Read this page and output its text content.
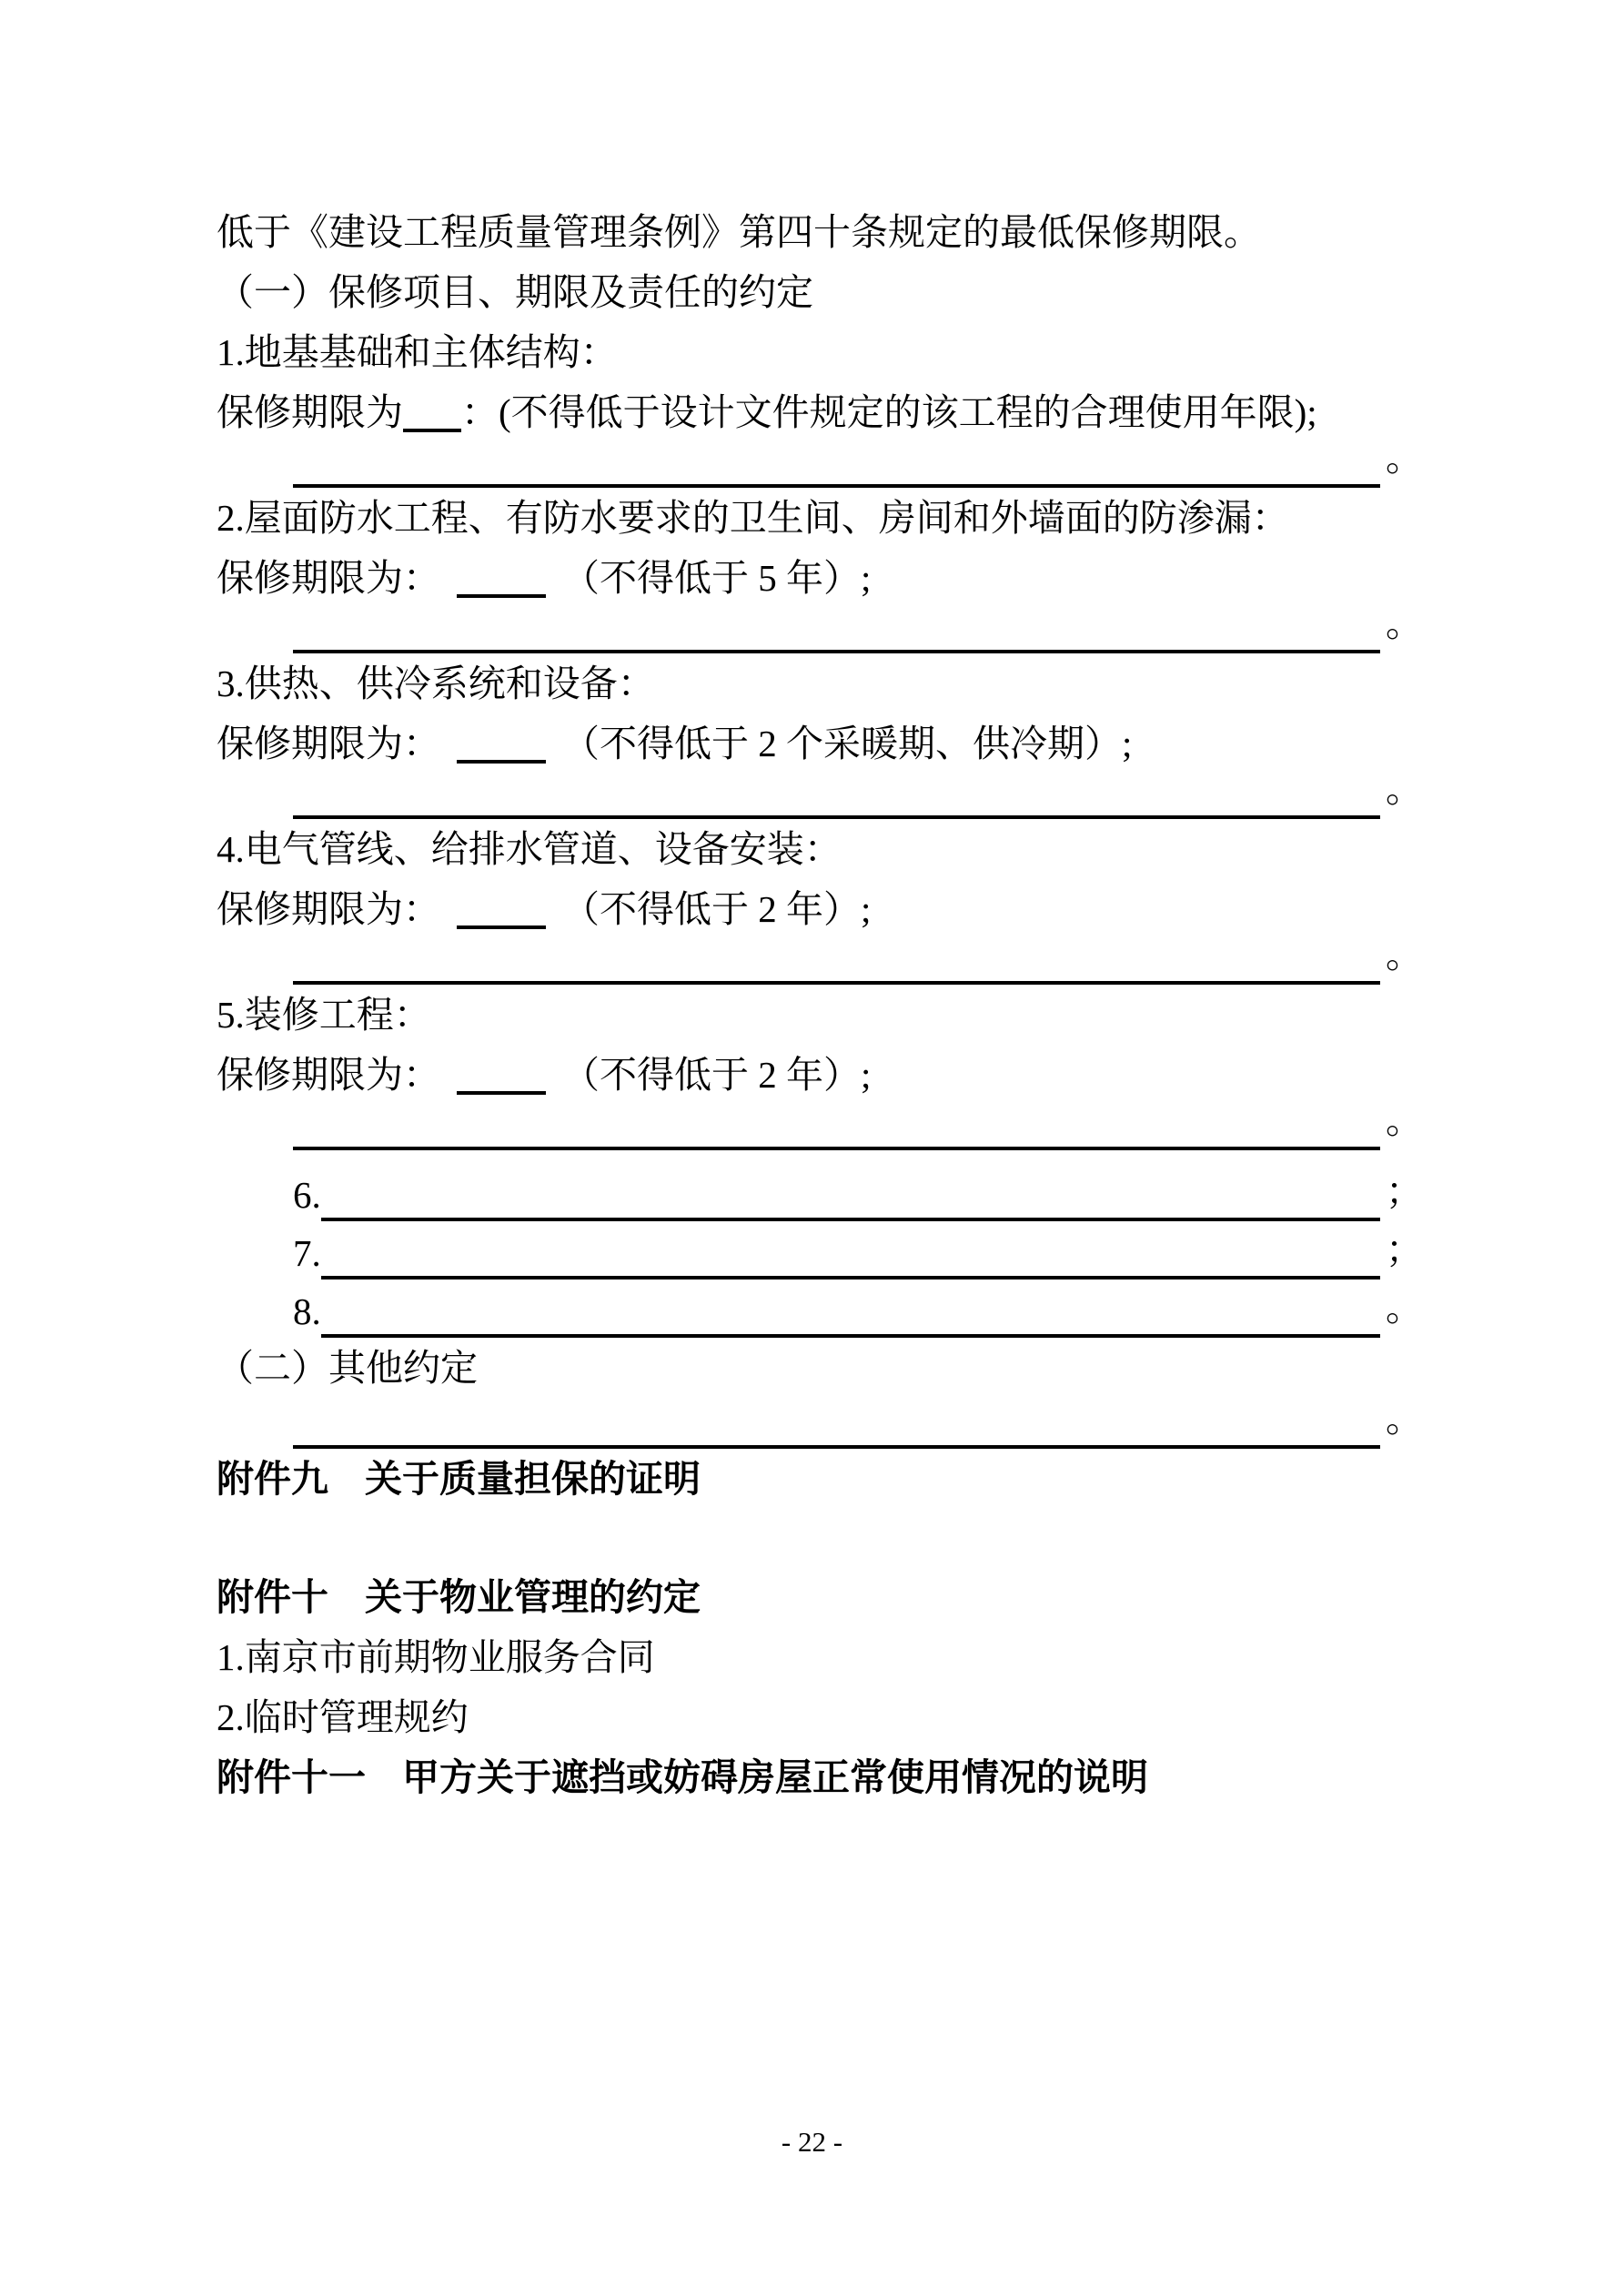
低于《建设工程质量管理条例》第四十条规定的最低保修期限。

（一）保修项目、期限及责任的约定

1.地基基础和主体结构：

保修期限为 ：(不得低于设计文件规定的该工程的合理使用年限);

。

2.屋面防水工程、有防水要求的卫生间、房间和外墙面的防渗漏：

保修期限为：	（不得低于 5 年）;

。

3.供热、供冷系统和设备：

保修期限为：	（不得低于 2 个采暖期、供冷期）;

。

4.电气管线、给排水管道、设备安装：

保修期限为：	（不得低于 2 年）;

。

5.装修工程：

保修期限为：	（不得低于 2 年）;

。
6.	；
7.	；
8.	。

（二）其他约定

。

附件九 关于质量担保的证明

附件十 关于物业管理的约定

1.南京市前期物业服务合同

2.临时管理规约

附件十一 甲方关于遮挡或妨碍房屋正常使用情况的说明

- 22 -
